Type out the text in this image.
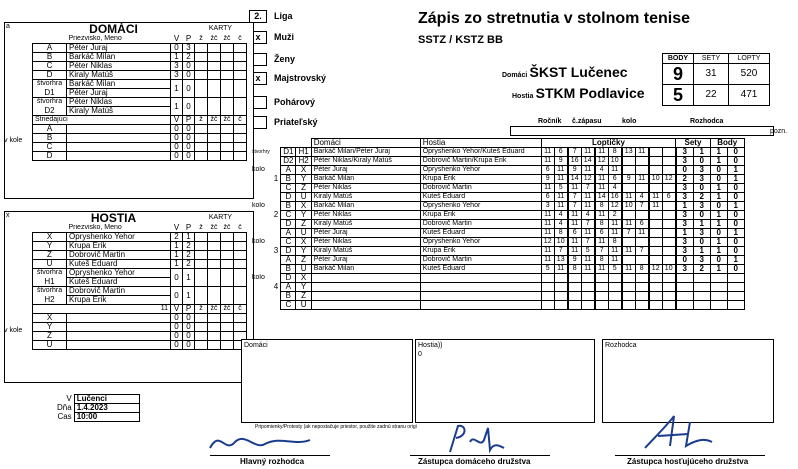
Zápis zo stretnutia v stolnom tenise
SSTZ / KSTZ BB
2.	Liga
x	Muži
Ženy
x	Majstrovský
Pohárový
Priateľský
	BODY	SETY	LOPTY
Domáci ŠKST Lučenec	9	31	520
Hostia STKM Podlavice	5	22	471
Ročník č.zápasu	kolo	Rozhodca
pozn.
a
x
DOMÁCI				KARTY			
	Priezvisko, Meno	V	P	ž	žč	žč	č
A	Péter Juraj	0	3				
B	Barkáč Milan	1	2				
C	Péter Niklas	3	0				
D	Kiraly Matúš	3	0				
štvorhra	Barkáč Milan	1	0				
D1	Péter Juraj						
štvorhra	Péter Niklas	1	0				
D2	Kiraly Matúš						
Striedajúci		V	P	ž	žč	žč	č
A		0	0				
B		0	0				
C		0	0				
D		0	0				
HOSTIA				KARTY			
	Priezvisko, Meno	V	P	ž	žč	žč	č
X	Opryshenko Yehor	2	1				
Y	Krupa Erik	1	2				
Z	Dobrovič Martin	1	2				
U	Kuteš Eduard	1	2				
štvorhra	Opryshenko Yehor	0	1				
H1	Kuteš Eduard						
štvorhra	Dobrovič Martin	0	1				
H2	Krupa Erik						
11		V	P	ž	žč	žč	č
X		0	0				
Y		0	0				
Z		0	0				
U		0	0				
				Domáci	Hostia	Loptičky										Sety		Body	
štvorhry		D1	H1	Barkáč Milan/Péter Juraj	Opryshenko Yehor/Kuteš Eduard	11	6	7	11	11	8	13	11			3	1	1	0
		D2	H2	Péter Niklas/Kiraly Matúš	Dobrovič Martin/Krupa Erik	11	9	16	14	12	10					3	0	1	0
kolo		A	X	Péter Juraj	Opryshenko Yehor	6	11	9	11	4	11					0	3	0	1
	1	B	Y	Barkáč Milan	Krupa Erik	9	11	14	12	11	6	9	11	10	12	2	3	0	1
		C	Z	Péter Niklas	Dobrovič Martin	11	5	11	7	11	4					3	0	1	0
		D	U	Kiraly Matúš	Kuteš Eduard	6	11	7	11	14	16	11	4	11	6	3	2	1	0
kolo		B	X	Barkáč Milan	Opryshenko Yehor	3	11	7	11	8	12	10	7	11		1	3	0	1
	2	C	Y	Péter Niklas	Krupa Erik	11	4	11	4	11	2					3	0	1	0
		D	Z	Kiraly Matúš	Dobrovič Martin	11	4	11	7	8	11	11	6			3	1	1	0
		A	U	Péter Juraj	Kuteš Eduard	11	8	6	11	6	11	7	11			1	3	0	1
kolo		C	X	Péter Niklas	Opryshenko Yehor	12	10	11	7	11	8					3	0	1	0
	3	D	Y	Kiraly Matúš	Krupa Erik	11	7	11	5	7	11	11	7			3	1	1	0
		A	Z	Péter Juraj	Dobrovič Martin	11	13	9	11	8	11					0	3	0	1
		B	U	Barkáč Milan	Kuteš Eduard	5	11	8	11	11	5	11	8	12	10	3	2	1	0
kolo		D	X																
	4	A	Y																
		B	Z																
		C	U																
Domáci	Hostia))
0
Rozhodca
V	Lučenci
Dňa	1.4.2023
Čas	10:00
Pripomienky/Protesty (ak nepostačuje priestor, použite zadnú stranu origi
Hlavný rozhodca	Zástupca domáceho družstva	Zástupca hosťujúceho družstva
v kole
v kole
